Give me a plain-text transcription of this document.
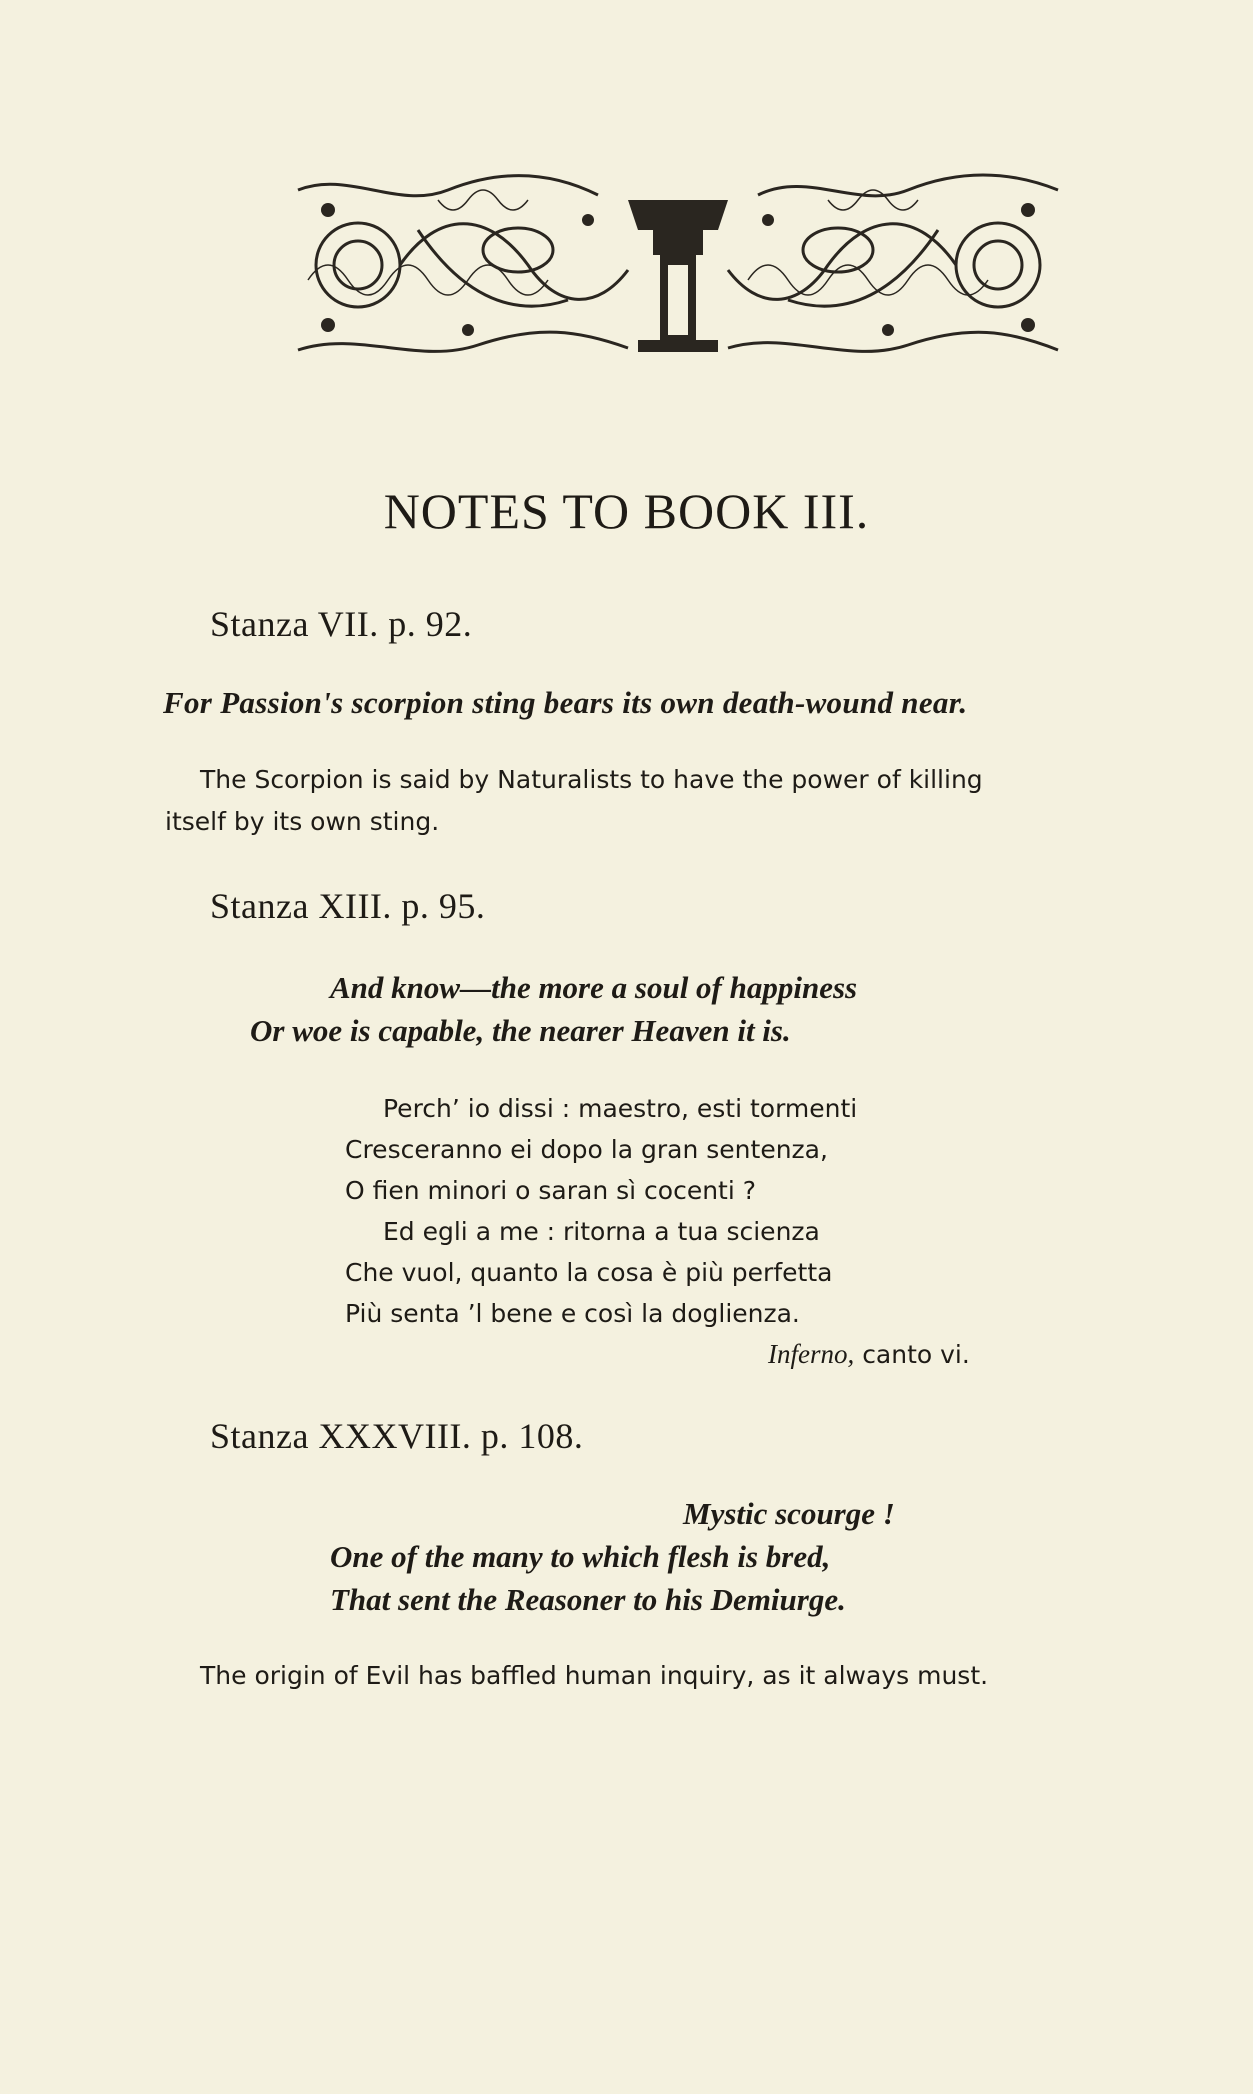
NOTES TO BOOK III.
Stanza VII. p. 92.
For Passion's scorpion sting bears its own death-wound near.
The Scorpion is said by Naturalists to have the power of killing
itself by its own sting.
Stanza XIII. p. 95.
And know—the more a soul of happiness
Or woe is capable, the nearer Heaven it is.
Perch’ io dissi : maestro, esti tormenti
Cresceranno ei dopo la gran sentenza,
O fien minori o saran sì cocenti ?
Ed egli a me : ritorna a tua scienza
Che vuol, quanto la cosa è più perfetta
Più senta ’l bene e così la doglienza.
Inferno, canto vi.
Stanza XXXVIII. p. 108.
Mystic scourge !
One of the many to which flesh is bred,
That sent the Reasoner to his Demiurge.
The origin of Evil has baffled human inquiry, as it always must.
